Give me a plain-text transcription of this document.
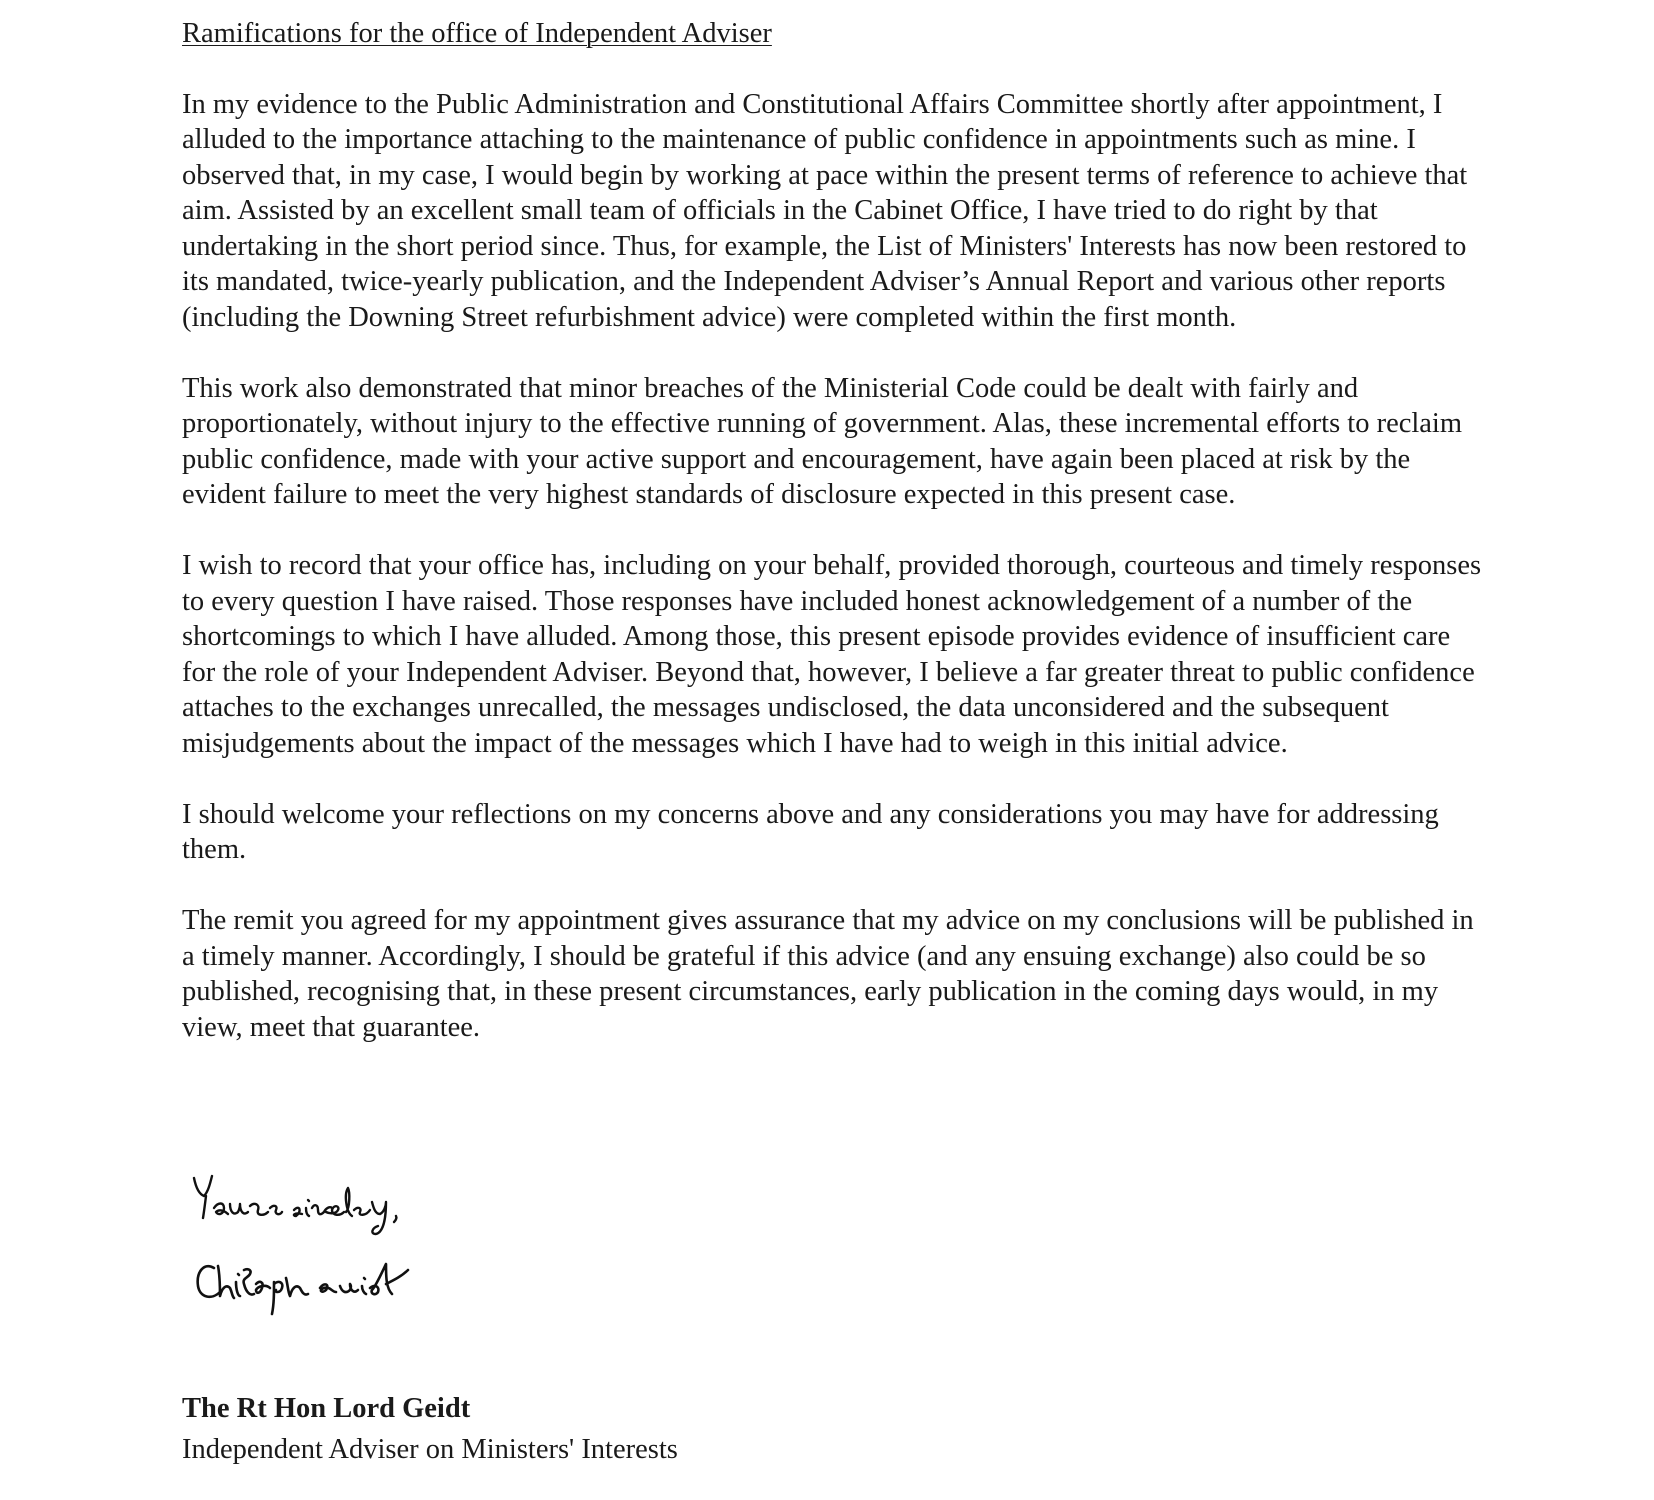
Ramifications for the office of Independent Adviser

In my evidence to the Public Administration and Constitutional Affairs Committee shortly after appointment, I alluded to the importance attaching to the maintenance of public confidence in appointments such as mine. I observed that, in my case, I would begin by working at pace within the present terms of reference to achieve that aim. Assisted by an excellent small team of officials in the Cabinet Office, I have tried to do right by that undertaking in the short period since. Thus, for example, the List of Ministers' Interests has now been restored to its mandated, twice-yearly publication, and the Independent Adviser’s Annual Report and various other reports (including the Downing Street refurbishment advice) were completed within the first month.

This work also demonstrated that minor breaches of the Ministerial Code could be dealt with fairly and proportionately, without injury to the effective running of government. Alas, these incremental efforts to reclaim public confidence, made with your active support and encouragement, have again been placed at risk by the evident failure to meet the very highest standards of disclosure expected in this present case.

I wish to record that your office has, including on your behalf, provided thorough, courteous and timely responses to every question I have raised. Those responses have included honest acknowledgement of a number of the shortcomings to which I have alluded. Among those, this present episode provides evidence of insufficient care for the role of your Independent Adviser. Beyond that, however, I believe a far greater threat to public confidence attaches to the exchanges unrecalled, the messages undisclosed, the data unconsidered and the subsequent misjudgements about the impact of the messages which I have had to weigh in this initial advice.

I should welcome your reflections on my concerns above and any considerations you may have for addressing them.

The remit you agreed for my appointment gives assurance that my advice on my conclusions will be published in a timely manner. Accordingly, I should be grateful if this advice (and any ensuing exchange) also could be so published, recognising that, in these present circumstances, early publication in the coming days would, in my view, meet that guarantee.

The Rt Hon Lord Geidt
Independent Adviser on Ministers' Interests
